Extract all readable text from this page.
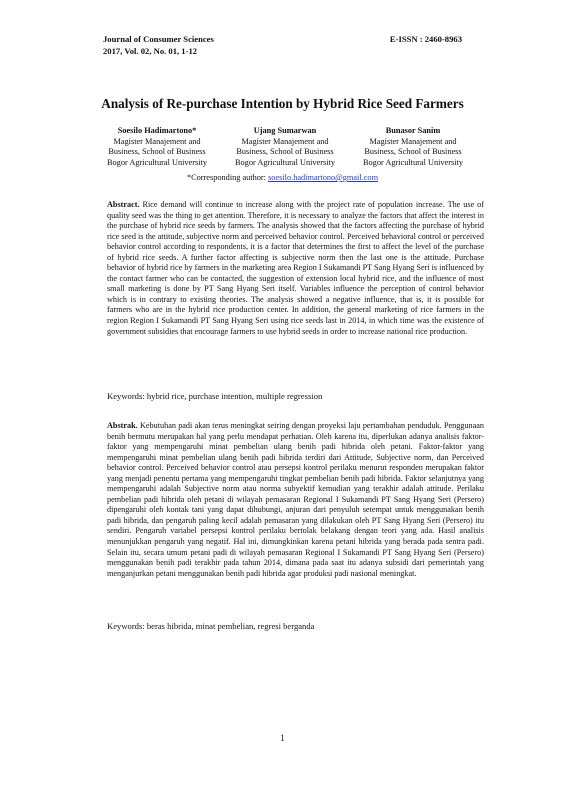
Journal of Consumer Sciences
2017, Vol. 02, No. 01, 1-12
E-ISSN : 2460-8963
Analysis of Re-purchase Intention by Hybrid Rice Seed Farmers
Soesilo Hadimartono*
Magister Manajement and
Business, School of Business
Bogor Agricultural University
Ujang Sumarwan
Magister Manajement and
Business, School of Business
Bogor Agricultural University
Bunasor Sanim
Magister Manajement and
Business, School of Business
Bogor Agricultural University
*Corresponding author: soesilo.hadimartono@gmail.com

Abstract. Rice demand will continue to increase along with the project rate of population increase. The use of quality seed was the thing to get attention. Therefore, it is necessary to analyze the factors that affect the interest in the purchase of hybrid rice seeds by farmers. The analysis showed that the factors affecting the purchase of hybrid rice seed is the attitude, subjective norm and perceived behavior control. Perceived behavioral control or perceived behavior control according to respondents, it is a factor that determines the first to affect the level of the purchase of hybrid rice seeds. A further factor affecting is subjective norm then the last one is the attitude. Purchase behavior of hybrid rice by farmers in the marketing area Region I Sukamandi PT Sang Hyang Seri is influenced by the contact farmer who can be contacted, the suggestion of extension local hybrid rice, and the influence of most small marketing is done by PT Sang Hyang Seri itself. Variables influence the perception of control behavior which is in contrary to existing theories. The analysis showed a negative influence, that is, it is possible for farmers who are in the hybrid rice production center. In addition, the general marketing of rice farmers in the region Region I Sukamandi PT Sang Hyang Seri using rice seeds last in 2014, in which time was the existence of government subsidies that encourage farmers to use hybrid seeds in order to increase national rice production.

Keywords: hybrid rice, purchase intention, multiple regression

Abstrak. Kebutuhan padi akan terus meningkat seiring dengan proyeksi laju pertambahan penduduk. Penggunaan benih bermutu merupakan hal yang perlu mendapat perhatian. Oleh karena itu, diperlukan adanya analisis faktor-faktor yang mempengaruhi minat pembelian ulang benih padi hibrida oleh petani. Faktor-faktor yang mempengaruhi minat pembelian ulang benih padi hibrida terdiri dari Attitude, Subjective norm, dan Perceived behavior control. Perceived behavior control atau persepsi kontrol perilaku menurut responden merupakan faktor yang menjadi penentu pertama yang mempengaruhi tingkat pembelian benih padi hibrida. Faktor selanjutnya yang mempengaruhi adalah Subjective norm atau norma subyektif kemudian yang terakhir adalah attitude. Perilaku pembelian padi hibrida oleh petani di wilayah pemasaran Regional I Sukamandi PT Sang Hyang Seri (Persero) dipengaruhi oleh kontak tani yang dapat dihubungi, anjuran dari penyuluh setempat untuk menggunakan benih padi hibrida, dan pengaruh paling kecil adalah pemasaran yang dilakukan oleh PT Sang Hyang Seri (Persero) itu sendiri. Pengaruh variabel persepsi kontrol perilaku bertolak belakang dengan teori yang ada. Hasil analisis menunjukkan pengaruh yang negatif. Hal ini, dimungkinkan karena petani hibrida yang berada pada sentra padi. Selain itu, secara umum petani padi di wilayah pemasaran Regional I Sukamandi PT Sang Hyang Seri (Persero) menggunakan benih padi terakhir pada tahun 2014, dimana pada saat itu adanya subsidi dari pemerintah yang menganjurkan petani menggunakan benih padi hibrida agar produksi padi nasional meningkat.

Keywords: beras hibrida, minat pembelian, regresi berganda
1
